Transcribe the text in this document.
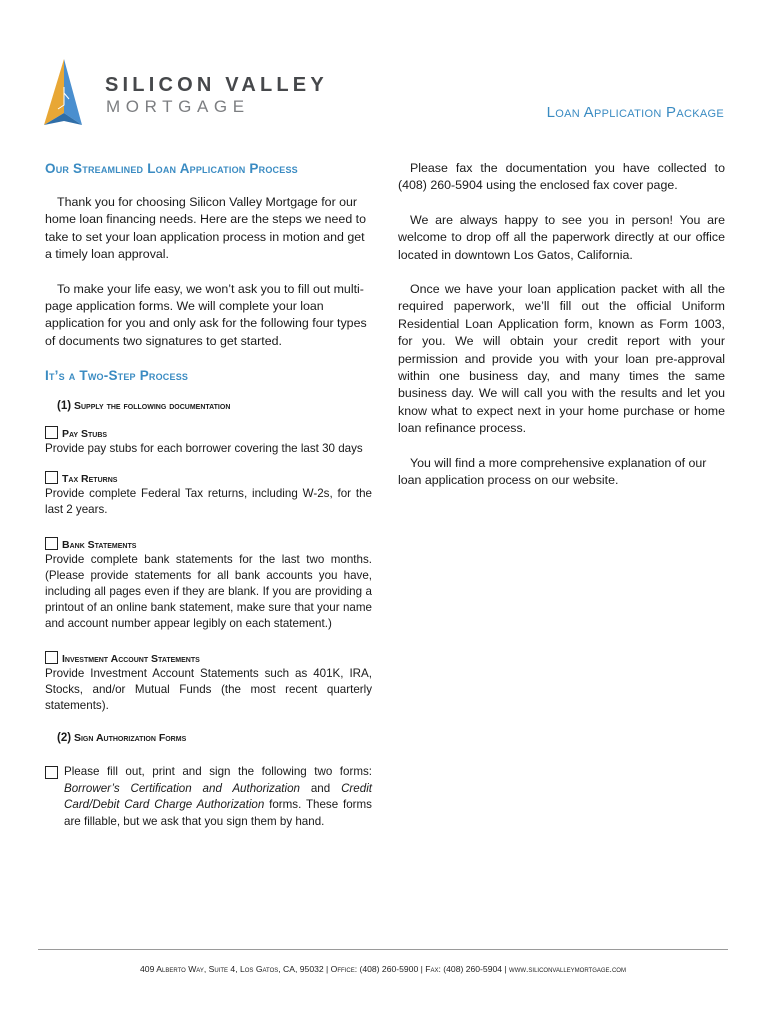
SILICON VALLEY
MORTGAGE	Loan Application Package
Our Streamlined Loan Application Process

Thank you for choosing Silicon Valley Mortgage for our home loan financing needs. Here are the steps we need to take to set your loan application process in motion and get a timely loan approval.

To make your life easy, we won’t ask you to fill out multi-page application forms. We will complete your loan application for you and only ask for the following four types of documents two signatures to get started.

It’s a Two-Step Process
(1) Supply the following documentation
Pay Stubs

Provide pay stubs for each borrower covering the last 30 days

Tax Returns

Provide complete Federal Tax returns, including W-2s, for the last 2 years.

Bank Statements

Provide complete bank statements for the last two months. (Please provide statements for all bank accounts you have, including all pages even if they are blank. If you are providing a printout of an online bank statement, make sure that your name and account number appear legibly on each statement.)

Investment Account Statements

Provide Investment Account Statements such as 401K, IRA, Stocks, and/or Mutual Funds (the most recent quarterly statements).

(2) Sign Authorization Forms

Please fill out, print and sign the following two forms: Borrower’s Certification and Authorization and Credit Card/Debit Card Charge Authorization forms. These forms are fillable, but we ask that you sign them by hand.

Please fax the documentation you have collected to (408) 260-5904 using the enclosed fax cover page.

We are always happy to see you in person! You are welcome to drop off all the paperwork directly at our office located in downtown Los Gatos, California.

Once we have your loan application packet with all the required paperwork, we’ll fill out the official Uniform Residential Loan Application form, known as Form 1003, for you. We will obtain your credit report with your permission and provide you with your loan pre-approval within one business day, and many times the same business day. We will call you with the results and let you know what to expect next in your home purchase or home loan refinance process.

You will find a more comprehensive explanation of our loan application process on our website.

409 Alberto Way, Suite 4, Los Gatos, CA, 95032 | Office: (408) 260-5900 | Fax: (408) 260-5904 | www.siliconvalleymortgage.com
